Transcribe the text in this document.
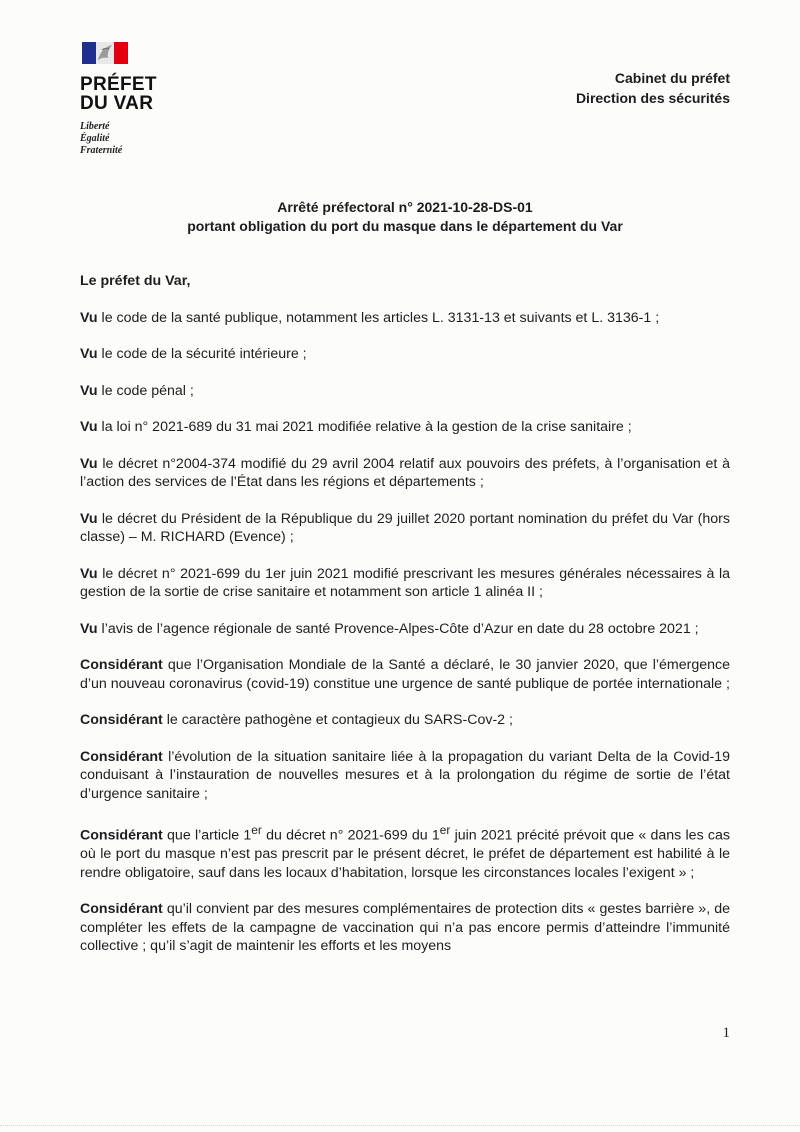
PRÉFET
DU VAR
Liberté
Égalité
Fraternité
Cabinet du préfet
Direction des sécurités
Arrêté préfectoral n° 2021-10-28-DS-01
portant obligation du port du masque dans le département du Var

Le préfet du Var,

Vu le code de la santé publique, notamment les articles L. 3131-13 et suivants et L. 3136-1 ;

Vu le code de la sécurité intérieure ;

Vu le code pénal ;

Vu la loi n° 2021-689 du 31 mai 2021 modifiée relative à la gestion de la crise sanitaire ;

Vu le décret n°2004-374 modifié du 29 avril 2004 relatif aux pouvoirs des préfets, à l’organisation et à l’action des services de l’État dans les régions et départements ;

Vu le décret du Président de la République du 29 juillet 2020 portant nomination du préfet du Var (hors classe) – M. RICHARD (Evence) ;

Vu le décret n° 2021-699 du 1er juin 2021 modifié prescrivant les mesures générales nécessaires à la gestion de la sortie de crise sanitaire et notamment son article 1 alinéa II ;

Vu l’avis de l’agence régionale de santé Provence-Alpes-Côte d’Azur en date du 28 octobre 2021 ;

Considérant que l’Organisation Mondiale de la Santé a déclaré, le 30 janvier 2020, que l’émergence d’un nouveau coronavirus (covid-19) constitue une urgence de santé publique de portée internationale ;

Considérant le caractère pathogène et contagieux du SARS-Cov-2 ;

Considérant l’évolution de la situation sanitaire liée à la propagation du variant Delta de la Covid-19 conduisant à l’instauration de nouvelles mesures et à la prolongation du régime de sortie de l’état d’urgence sanitaire ;

Considérant que l’article 1er du décret n° 2021-699 du 1er juin 2021 précité prévoit que « dans les cas où le port du masque n’est pas prescrit par le présent décret, le préfet de département est habilité à le rendre obligatoire, sauf dans les locaux d’habitation, lorsque les circonstances locales l’exigent » ;

Considérant qu’il convient par des mesures complémentaires de protection dits « gestes barrière », de compléter les effets de la campagne de vaccination qui n’a pas encore permis d’atteindre l’immunité collective ; qu’il s’agit de maintenir les efforts et les moyens

1
